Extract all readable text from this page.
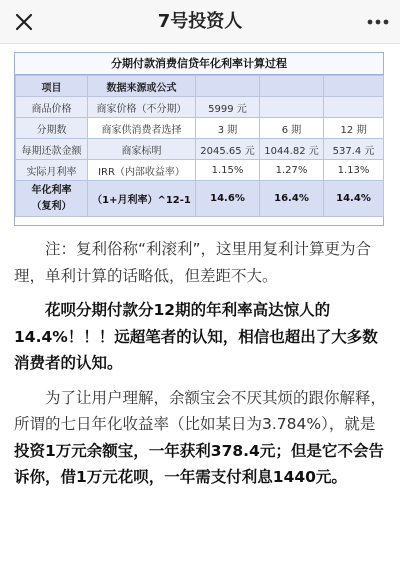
7号投资人
分期付款消费信贷年化利率计算过程
项目	数据来源或公式			
商品价格	商家价格（不分期）	5999 元		
分期数	商家供消费者选择	3 期	6 期	12 期
每期还款金额	商家标明	2045.65 元	1044.82 元	537.4 元
实际月利率	IRR（内部收益率）	1.15%	1.27%	1.13%
年化利率
（复利）	（1+月利率）^12-1	14.6%	16.4%	14.4%

注：复利俗称“利滚利”，这里用复利计算更为合理，单利计算的话略低，但差距不大。

花呗分期付款分12期的年利率高达惊人的14.4%！！！远超笔者的认知，相信也超出了大多数消费者的认知。

为了让用户理解，余额宝会不厌其烦的跟你解释，所谓的七日年化收益率（比如某日为3.784%），就是投资1万元余额宝，一年获利378.4元；但是它不会告诉你，借1万元花呗，一年需支付利息1440元。
